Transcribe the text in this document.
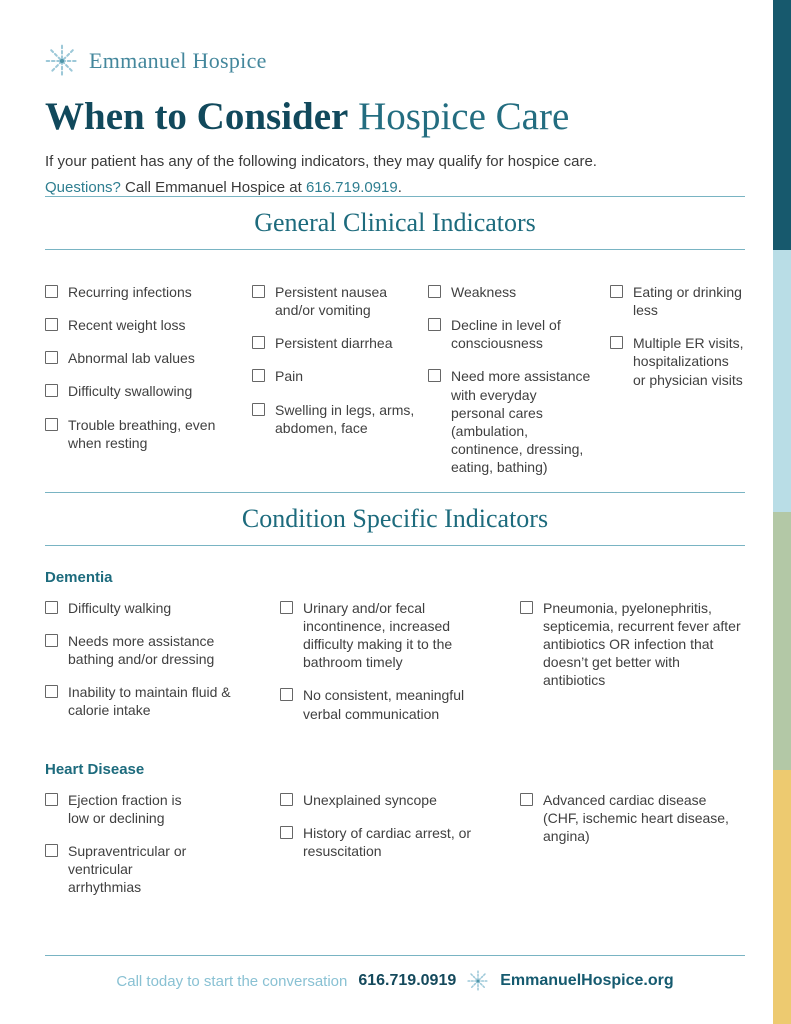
Emmanuel Hospice
When to Consider Hospice Care

If your patient has any of the following indicators, they may qualify for hospice care.

Questions? Call Emmanuel Hospice at 616.719.0919.

General Clinical Indicators
Recurring infections
Recent weight loss
Abnormal lab values
Difficulty swallowing
Trouble breathing, even when resting
Persistent nausea and/or vomiting
Persistent diarrhea
Pain
Swelling in legs, arms, abdomen, face
Weakness
Decline in level of consciousness
Need more assistance with everyday personal cares (ambulation, continence, dressing, eating, bathing)
Eating or drinking less
Multiple ER visits, hospitalizations or physician visits
Condition Specific Indicators
Dementia
Difficulty walking
Needs more assistance bathing and/or dressing
Inability to maintain fluid & calorie intake
Urinary and/or fecal incontinence, increased difficulty making it to the bathroom timely
No consistent, meaningful verbal communication
Pneumonia, pyelonephritis, septicemia, recurrent fever after antibiotics OR infection that doesn’t get better with antibiotics
Heart Disease
Ejection fraction is low or declining
Supraventricular or ventricular arrhythmias
Unexplained syncope
History of cardiac arrest, or resuscitation
Advanced cardiac disease (CHF, ischemic heart disease, angina)
Call today to start the conversation 616.719.0919	EmmanuelHospice.org
